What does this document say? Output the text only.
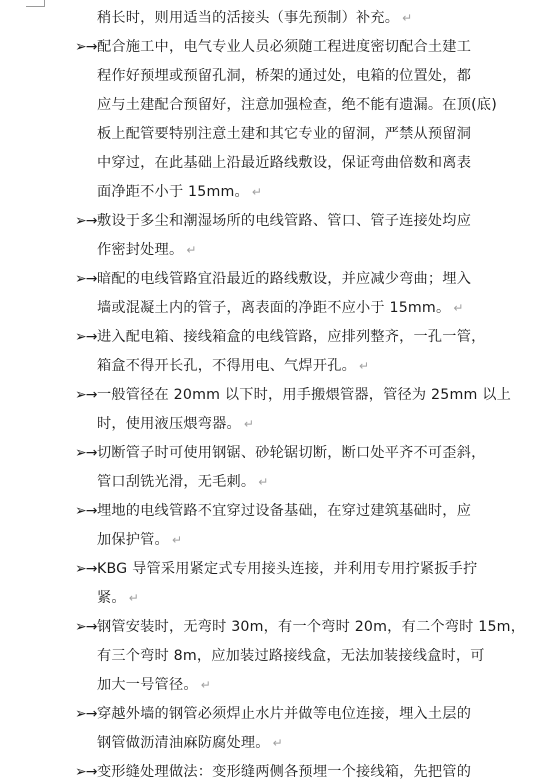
稍长时，则用适当的活接头（事先预制）补充。 ↵
➢→ 配合施工中，电气专业人员必须随工程进度密切配合土建工
程作好预埋或预留孔洞，桥架的通过处，电箱的位置处，都
应与土建配合预留好，注意加强检查，绝不能有遗漏。在顶(底)
板上配管要特别注意土建和其它专业的留洞，严禁从预留洞
中穿过，在此基础上沿最近路线敷设，保证弯曲倍数和离表
面净距不小于 15mm。 ↵
➢→ 敷设于多尘和潮湿场所的电线管路、管口、管子连接处均应
作密封处理。 ↵
➢→ 暗配的电线管路宜沿最近的路线敷设，并应减少弯曲；埋入
墙或混凝土内的管子，离表面的净距不应小于 15mm。 ↵
➢→ 进入配电箱、接线箱盒的电线管路，应排列整齐，一孔一管，
箱盒不得开长孔，不得用电、气焊开孔。 ↵
➢→ 一般管径在 20mm 以下时，用手搬煨管器，管径为 25mm 以上
时，使用液压煨弯器。 ↵
➢→ 切断管子时可使用钢锯、砂轮锯切断，断口处平齐不可歪斜，
管口刮铣光滑，无毛刺。 ↵
➢→ 埋地的电线管路不宜穿过设备基础，在穿过建筑基础时，应
加保护管。 ↵
➢→ KBG 导管采用紧定式专用接头连接，并利用专用拧紧扳手拧
紧。 ↵
➢→ 钢管安装时，无弯时 30m，有一个弯时 20m，有二个弯时 15m，
有三个弯时 8m，应加装过路接线盒，无法加装接线盒时，可
加大一号管径。 ↵
➢→ 穿越外墙的钢管必须焊止水片并做等电位连接，埋入土层的
钢管做沥清油麻防腐处理。 ↵
➢→ 变形缝处理做法：变形缝两侧各预埋一个接线箱，先把管的
